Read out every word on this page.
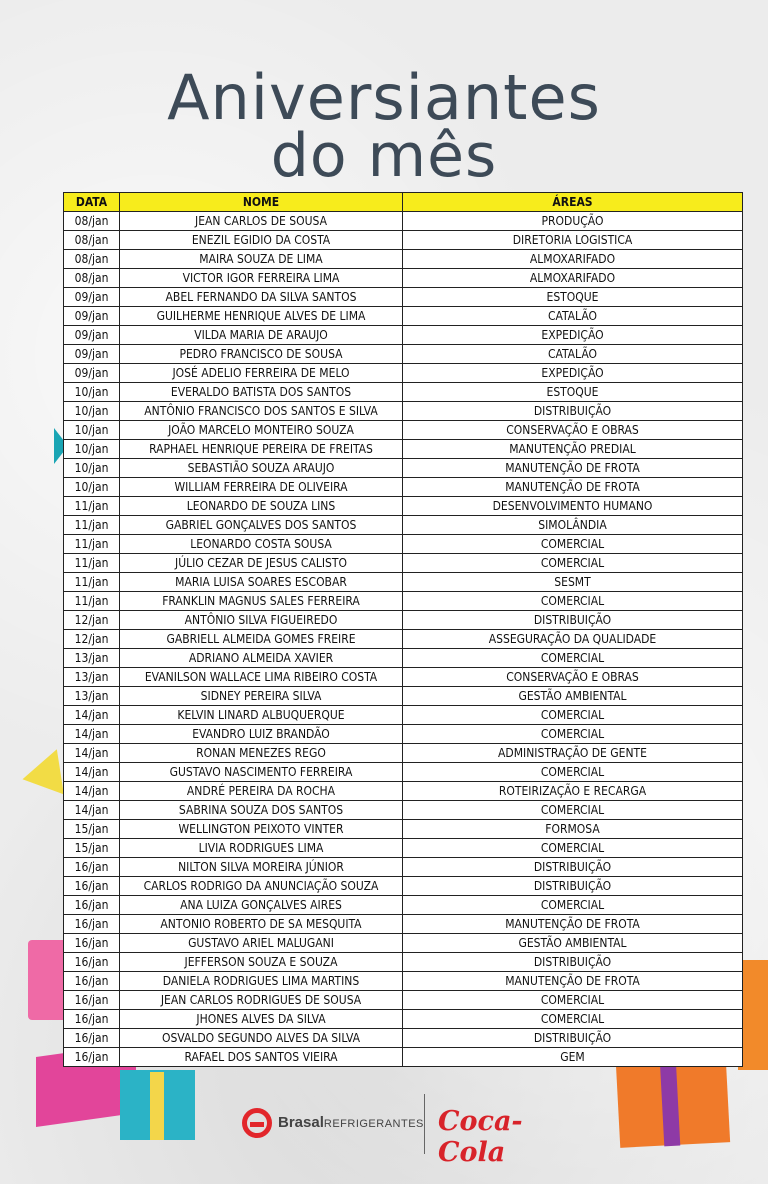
Aniversiantes
do mês
DATA	NOME	ÁREAS
08/jan	JEAN CARLOS DE SOUSA	PRODUÇÃO
08/jan	ENEZIL EGIDIO DA COSTA	DIRETORIA LOGISTICA
08/jan	MAIRA SOUZA DE LIMA	ALMOXARIFADO
08/jan	VICTOR IGOR FERREIRA LIMA	ALMOXARIFADO
09/jan	ABEL FERNANDO DA SILVA SANTOS	ESTOQUE
09/jan	GUILHERME HENRIQUE ALVES DE LIMA	CATALÃO
09/jan	VILDA MARIA DE ARAUJO	EXPEDIÇÃO
09/jan	PEDRO FRANCISCO DE SOUSA	CATALÃO
09/jan	JOSÉ ADELIO FERREIRA DE MELO	EXPEDIÇÃO
10/jan	EVERALDO BATISTA DOS SANTOS	ESTOQUE
10/jan	ANTÔNIO FRANCISCO DOS SANTOS E SILVA	DISTRIBUIÇÃO
10/jan	JOÃO MARCELO MONTEIRO SOUZA	CONSERVAÇÃO E OBRAS
10/jan	RAPHAEL HENRIQUE PEREIRA DE FREITAS	MANUTENÇÃO PREDIAL
10/jan	SEBASTIÃO SOUZA ARAUJO	MANUTENÇÃO DE FROTA
10/jan	WILLIAM FERREIRA DE OLIVEIRA	MANUTENÇÃO DE FROTA
11/jan	LEONARDO DE SOUZA LINS	DESENVOLVIMENTO HUMANO
11/jan	GABRIEL GONÇALVES DOS SANTOS	SIMOLÂNDIA
11/jan	LEONARDO COSTA SOUSA	COMERCIAL
11/jan	JÚLIO CEZAR DE JESUS CALISTO	COMERCIAL
11/jan	MARIA LUISA SOARES ESCOBAR	SESMT
11/jan	FRANKLIN MAGNUS SALES FERREIRA	COMERCIAL
12/jan	ANTÔNIO SILVA FIGUEIREDO	DISTRIBUIÇÃO
12/jan	GABRIELL ALMEIDA GOMES FREIRE	ASSEGURAÇÃO DA QUALIDADE
13/jan	ADRIANO ALMEIDA XAVIER	COMERCIAL
13/jan	EVANILSON WALLACE LIMA RIBEIRO COSTA	CONSERVAÇÃO E OBRAS
13/jan	SIDNEY PEREIRA SILVA	GESTÃO AMBIENTAL
14/jan	KELVIN LINARD ALBUQUERQUE	COMERCIAL
14/jan	EVANDRO LUIZ BRANDÃO	COMERCIAL
14/jan	RONAN MENEZES REGO	ADMINISTRAÇÃO DE GENTE
14/jan	GUSTAVO NASCIMENTO FERREIRA	COMERCIAL
14/jan	ANDRÉ PEREIRA DA ROCHA	ROTEIRIZAÇÃO E RECARGA
14/jan	SABRINA SOUZA DOS SANTOS	COMERCIAL
15/jan	WELLINGTON PEIXOTO VINTER	FORMOSA
15/jan	LIVIA RODRIGUES LIMA	COMERCIAL
16/jan	NILTON SILVA MOREIRA JÚNIOR	DISTRIBUIÇÃO
16/jan	CARLOS RODRIGO DA ANUNCIAÇÃO SOUZA	DISTRIBUIÇÃO
16/jan	ANA LUIZA GONÇALVES AIRES	COMERCIAL
16/jan	ANTONIO ROBERTO DE SA MESQUITA	MANUTENÇÃO DE FROTA
16/jan	GUSTAVO ARIEL MALUGANI	GESTÃO AMBIENTAL
16/jan	JEFFERSON SOUZA E SOUZA	DISTRIBUIÇÃO
16/jan	DANIELA RODRIGUES LIMA MARTINS	MANUTENÇÃO DE FROTA
16/jan	JEAN CARLOS RODRIGUES DE SOUSA	COMERCIAL
16/jan	JHONES ALVES DA SILVA	COMERCIAL
16/jan	OSVALDO SEGUNDO ALVES DA SILVA	DISTRIBUIÇÃO
16/jan	RAFAEL DOS SANTOS VIEIRA	GEM
BrasalREFRIGERANTES Coca-Cola
